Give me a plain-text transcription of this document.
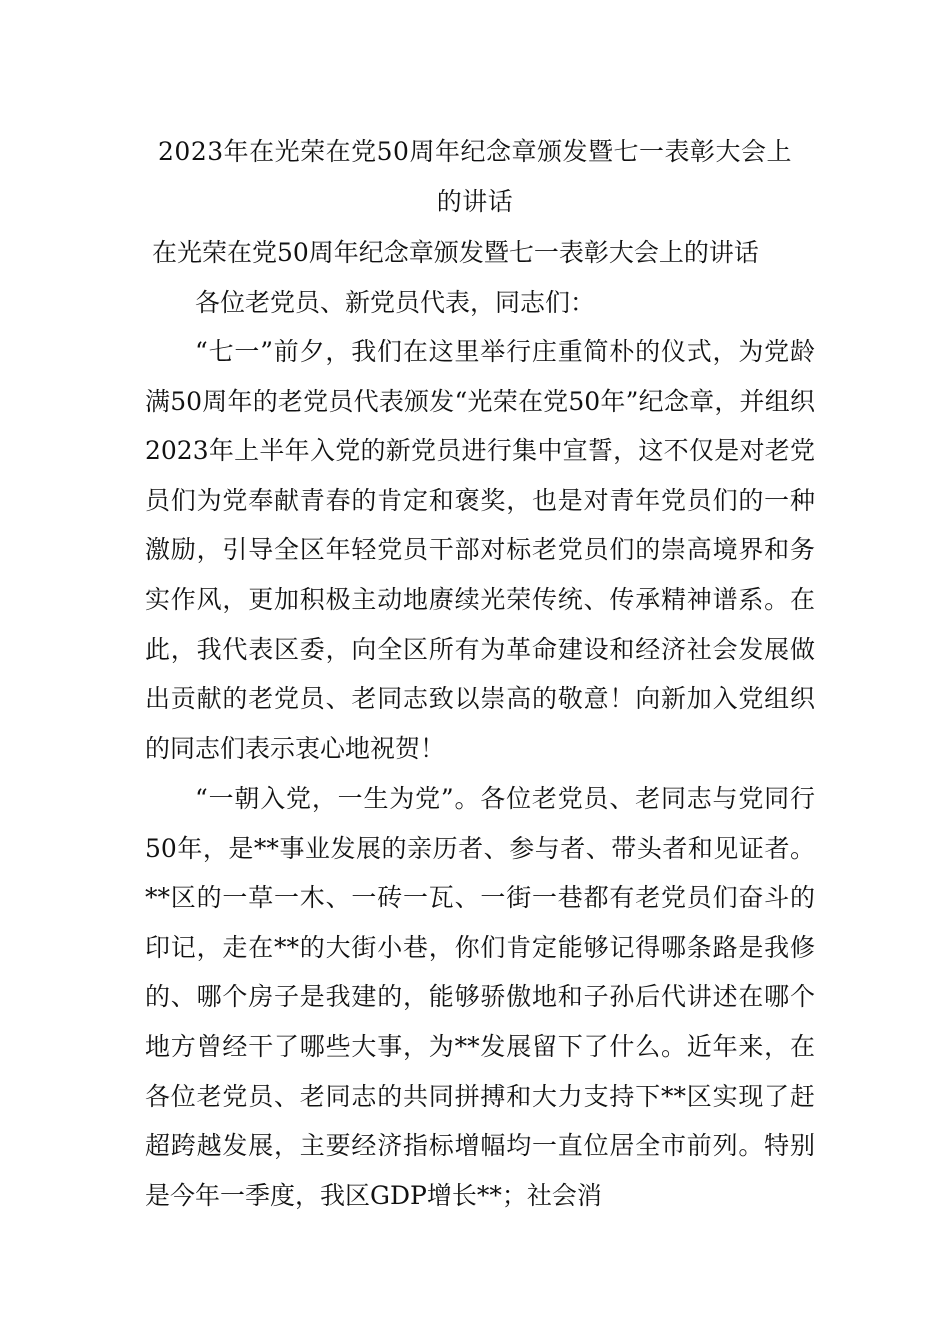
2023年在光荣在党50周年纪念章颁发暨七一表彰大会上
的讲话
在光荣在党50周年纪念章颁发暨七一表彰大会上的讲话
各位老党员、新党员代表，同志们：
“七一”前夕，我们在这里举行庄重简朴的仪式，为党龄满50周年的老党员代表颁发“光荣在党50年”纪念章，并组织2023年上半年入党的新党员进行集中宣誓，这不仅是对老党员们为党奉献青春的肯定和褒奖，也是对青年党员们的一种激励，引导全区年轻党员干部对标老党员们的崇高境界和务实作风，更加积极主动地赓续光荣传统、传承精神谱系。在此，我代表区委，向全区所有为革命建设和经济社会发展做出贡献的老党员、老同志致以崇高的敬意！向新加入党组织的同志们表示衷心地祝贺！
“一朝入党，一生为党”。各位老党员、老同志与党同行50年，是**事业发展的亲历者、参与者、带头者和见证者。**区的一草一木、一砖一瓦、一街一巷都有老党员们奋斗的印记，走在**的大街小巷，你们肯定能够记得哪条路是我修的、哪个房子是我建的，能够骄傲地和子孙后代讲述在哪个地方曾经干了哪些大事，为**发展留下了什么。近年来，在各位老党员、老同志的共同拼搏和大力支持下**区实现了赶超跨越发展，主要经济指标增幅均一直位居全市前列。特别是今年一季度，我区GDP增长**；社会消
